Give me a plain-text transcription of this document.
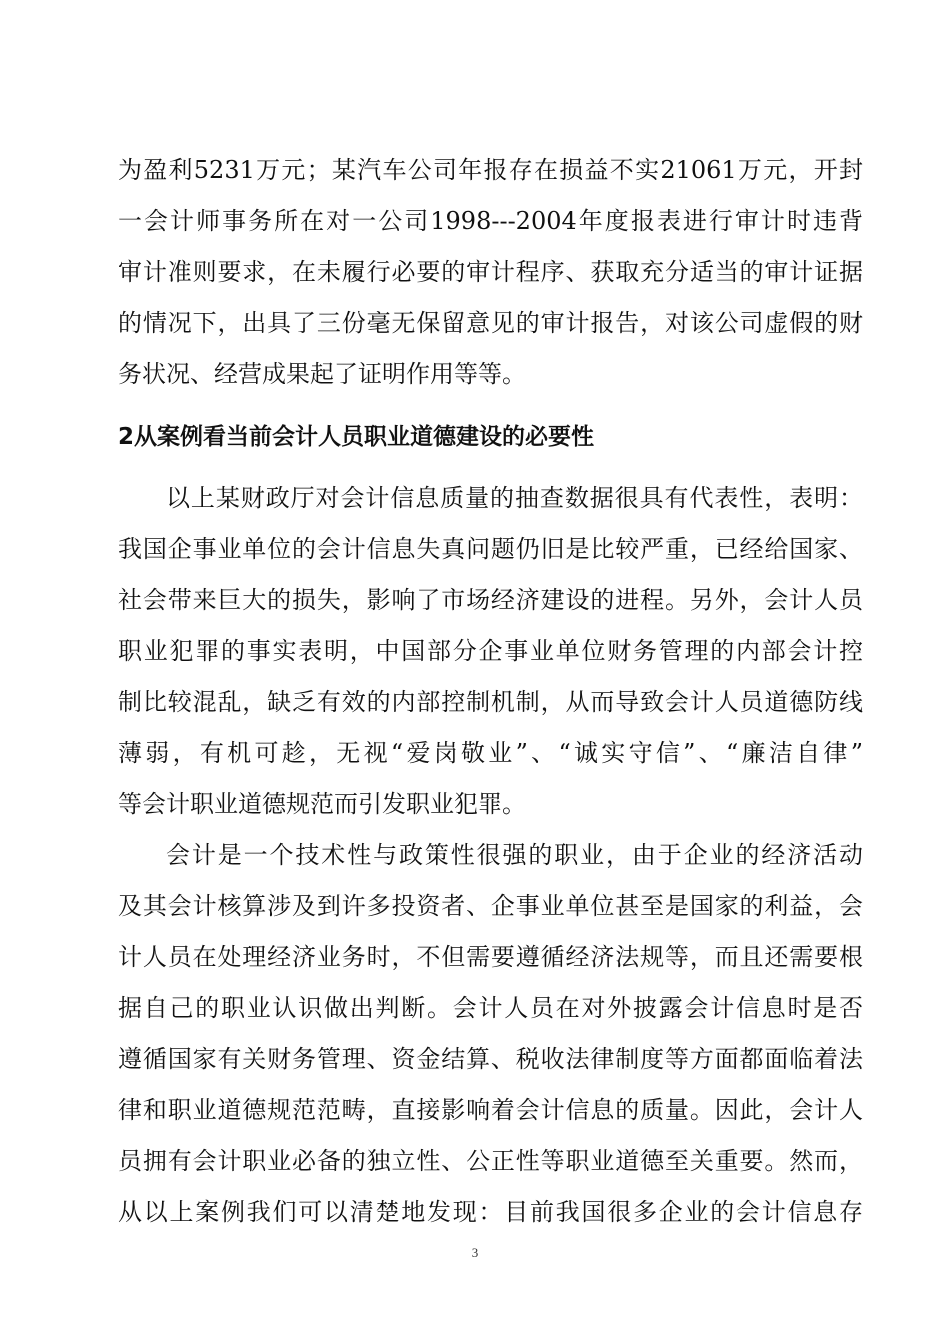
为盈利5231万元；某汽车公司年报存在损益不实21061万元，开封
一会计师事务所在对一公司1998---2004年度报表进行审计时违背
审计准则要求，在未履行必要的审计程序、获取充分适当的审计证据
的情况下，出具了三份毫无保留意见的审计报告，对该公司虚假的财
务状况、经营成果起了证明作用等等。
2从案例看当前会计人员职业道德建设的必要性
以上某财政厅对会计信息质量的抽查数据很具有代表性，表明：
我国企事业单位的会计信息失真问题仍旧是比较严重，已经给国家、
社会带来巨大的损失，影响了市场经济建设的进程。另外，会计人员
职业犯罪的事实表明，中国部分企事业单位财务管理的内部会计控
制比较混乱，缺乏有效的内部控制机制，从而导致会计人员道德防线
薄弱，有机可趁，无视“爱岗敬业”、“诚实守信”、“廉洁自律”
等会计职业道德规范而引发职业犯罪。
会计是一个技术性与政策性很强的职业，由于企业的经济活动
及其会计核算涉及到许多投资者、企事业单位甚至是国家的利益，会
计人员在处理经济业务时，不但需要遵循经济法规等，而且还需要根
据自己的职业认识做出判断。会计人员在对外披露会计信息时是否
遵循国家有关财务管理、资金结算、税收法律制度等方面都面临着法
律和职业道德规范范畴，直接影响着会计信息的质量。因此，会计人
员拥有会计职业必备的独立性、公正性等职业道德至关重要。然而，
从以上案例我们可以清楚地发现：目前我国很多企业的会计信息存
3
